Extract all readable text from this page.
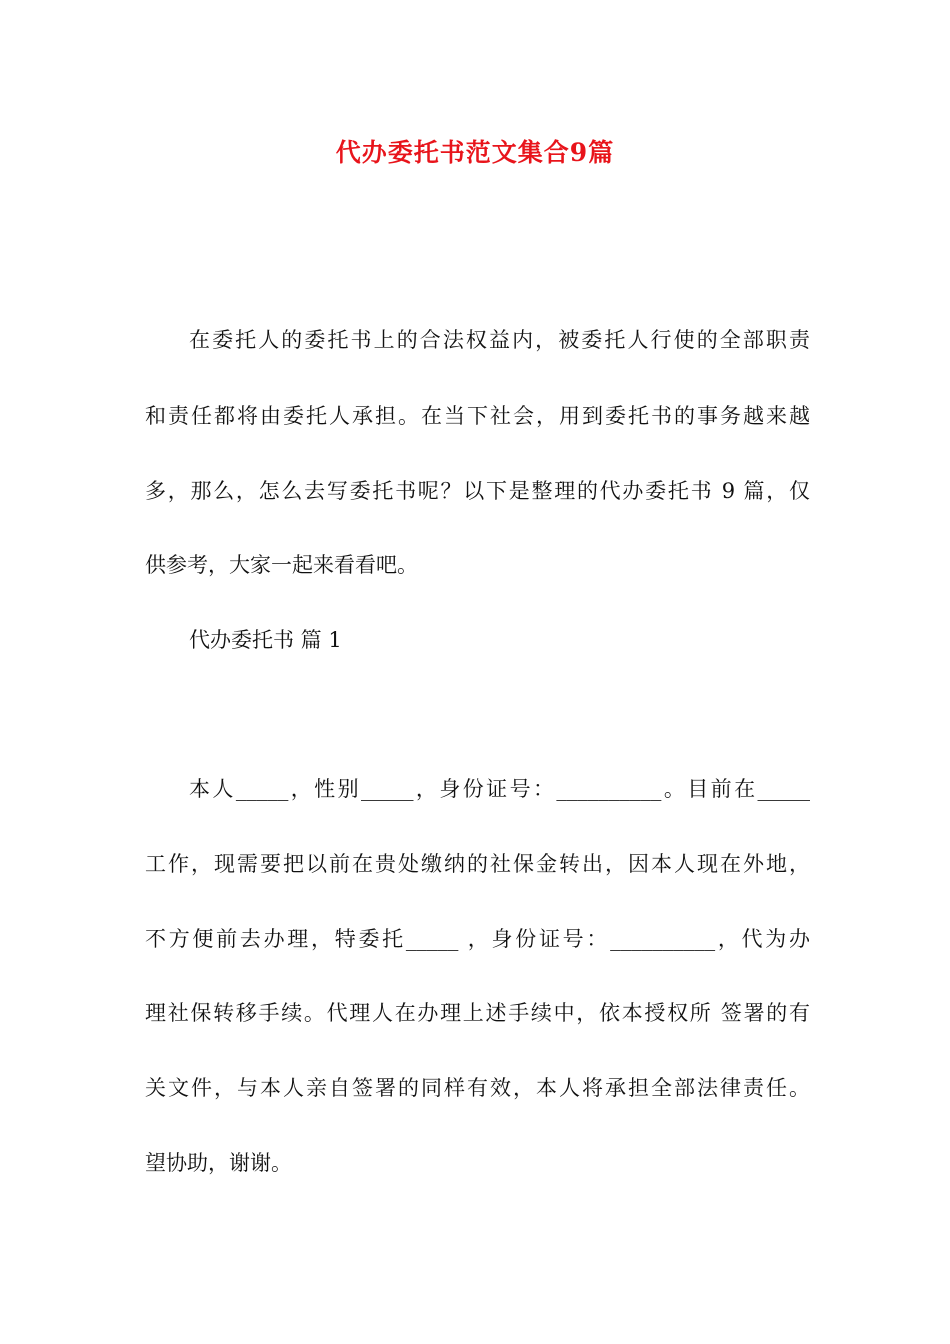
代办委托书范文集合9篇
在委托人的委托书上的合法权益内，被委托人行使的全部职责
和责任都将由委托人承担。在当下社会，用到委托书的事务越来越
多，那么，怎么去写委托书呢？以下是整理的代办委托书 9 篇，仅
供参考，大家一起来看看吧。
代办委托书 篇 1
本人_____，性别_____，身份证号：__________。目前在_____
工作，现需要把以前在贵处缴纳的社保金转出，因本人现在外地，
不方便前去办理，特委托_____ ，身份证号：__________，代为办
理社保转移手续。代理人在办理上述手续中，依本授权所 签署的有
关文件，与本人亲自签署的同样有效，本人将承担全部法律责任。
望协助，谢谢。
